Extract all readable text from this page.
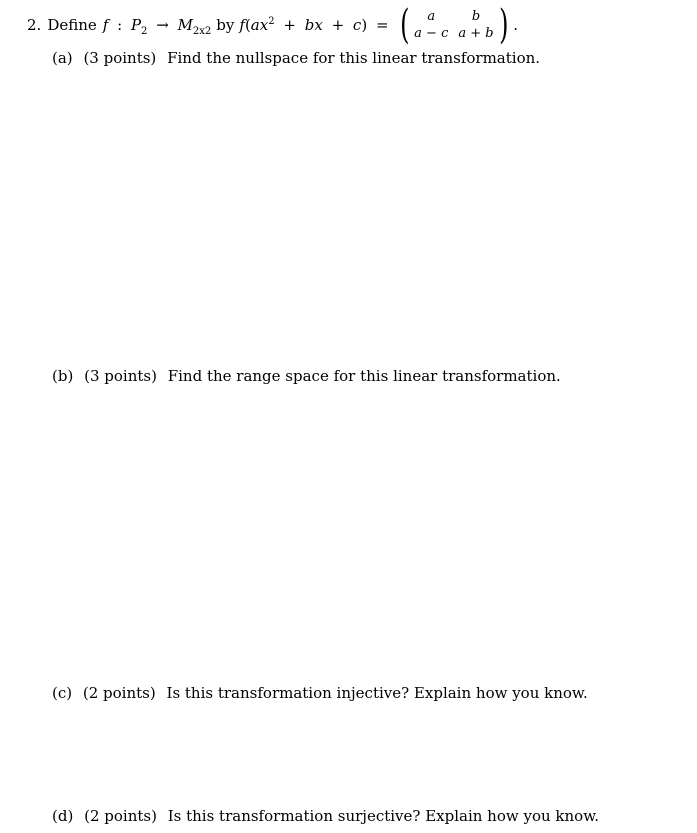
2. Define f : $P_2 \to M_{2x2}$ by $f(ax^2$ + bx + c) = (	a	b
a − c a + b ) .
(a) (3 points) Find the nullspace for this linear transformation.
(b) (3 points) Find the range space for this linear transformation.
(c) (2 points) Is this transformation injective? Explain how you know.
(d) (2 points) Is this transformation surjective? Explain how you know.
